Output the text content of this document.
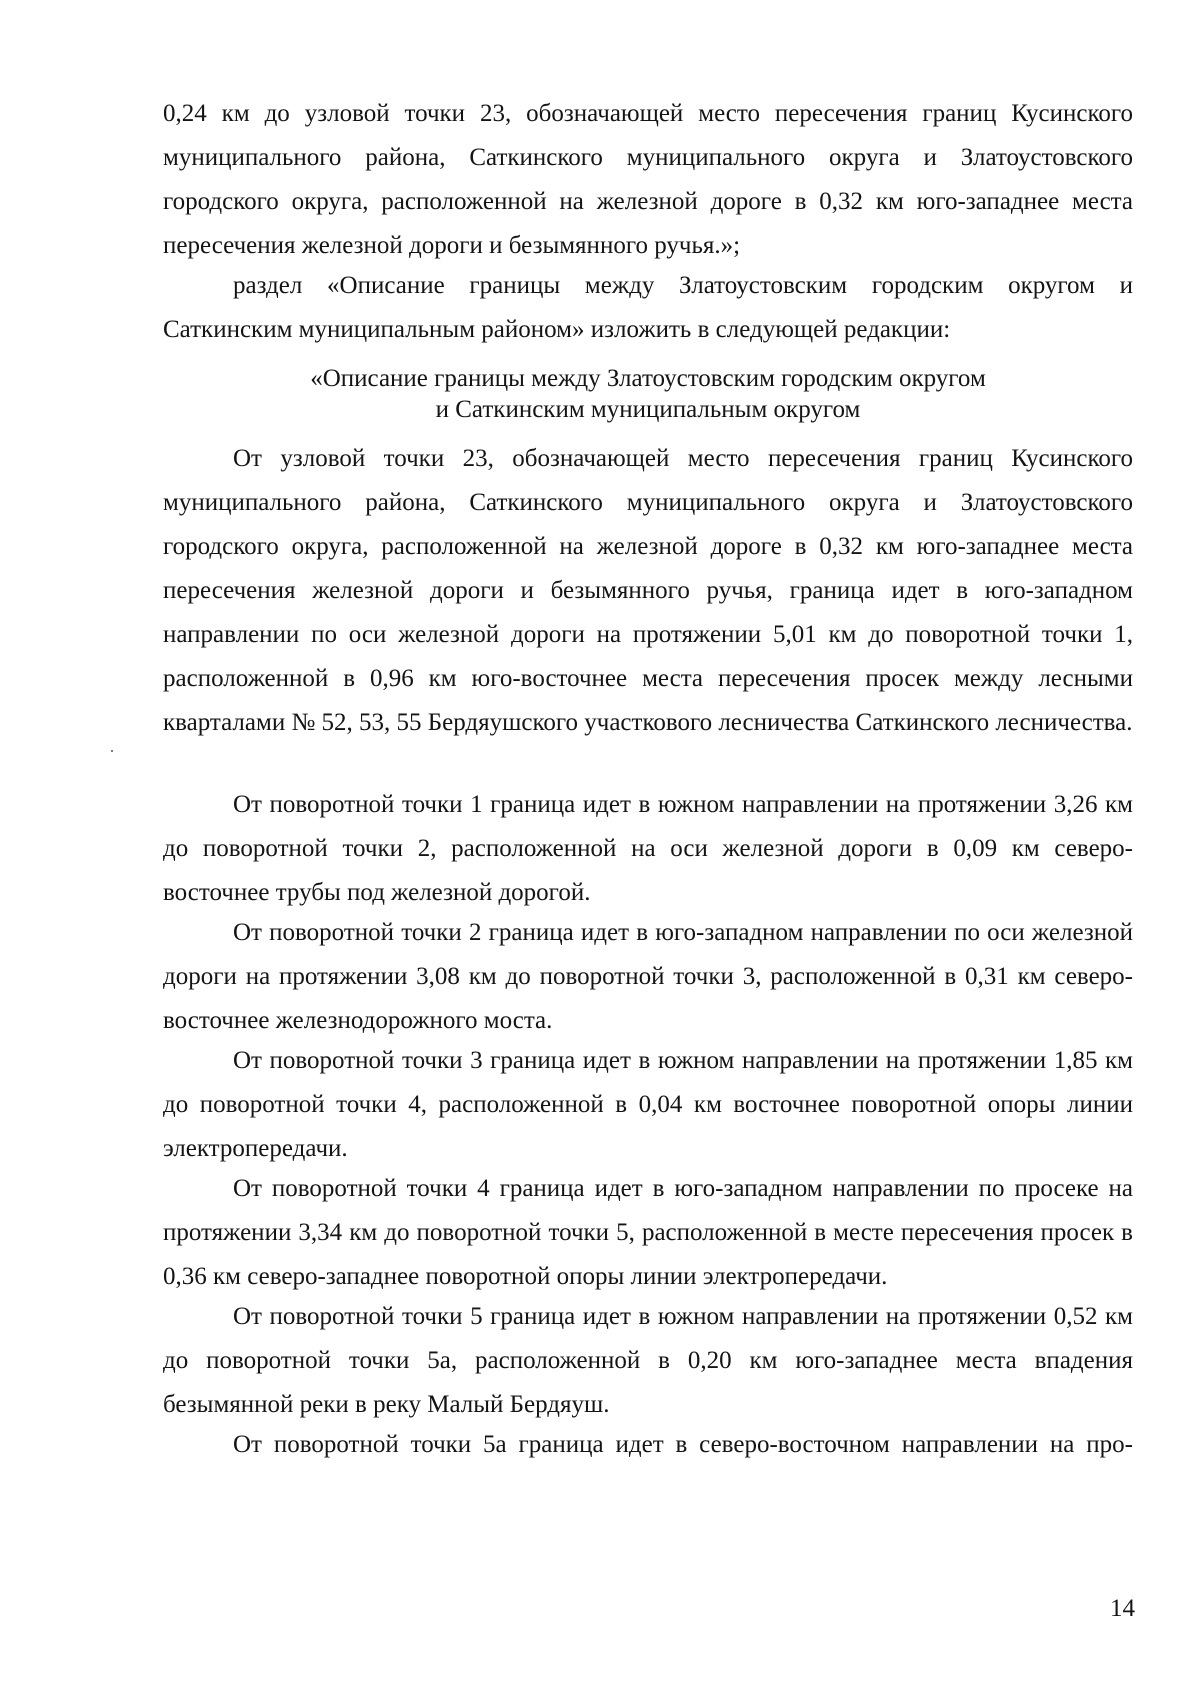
0,24 км до узловой точки 23, обозначающей место пересечения границ Кусинского муниципального района, Саткинского муниципального округа и Златоустовского городского округа, расположенной на железной дороге в 0,32 км юго-западнее места пересечения железной дороги и безымянного ручья.»;

раздел «Описание границы между Златоустовским городским округом и Саткинским муниципальным районом» изложить в следующей редакции:

«Описание границы между Златоустовским городским округом
и Саткинским муниципальным округом

От узловой точки 23, обозначающей место пересечения границ Кусинского муниципального района, Саткинского муниципального округа и Златоустовского городского округа, расположенной на железной дороге в 0,32 км юго-западнее места пересечения железной дороги и безымянного ручья, граница идет в юго-западном направлении по оси железной дороги на протяжении 5,01 км до поворотной точки 1, расположенной в 0,96 км юго-восточнее места пересечения просек между лесными кварталами № 52, 53, 55 Бердяушского участкового лесничества Саткинского лесничества.

От поворотной точки 1 граница идет в южном направлении на протяжении 3,26 км до поворотной точки 2, расположенной на оси железной дороги в 0,09 км северо-восточнее трубы под железной дорогой.

От поворотной точки 2 граница идет в юго-западном направлении по оси железной дороги на протяжении 3,08 км до поворотной точки 3, расположенной в 0,31 км северо-восточнее железнодорожного моста.

От поворотной точки 3 граница идет в южном направлении на протяжении 1,85 км до поворотной точки 4, расположенной в 0,04 км восточнее поворотной опоры линии электропередачи.

От поворотной точки 4 граница идет в юго-западном направлении по просеке на протяжении 3,34 км до поворотной точки 5, расположенной в месте пересечения просек в 0,36 км северо-западнее поворотной опоры линии электропередачи.

От поворотной точки 5 граница идет в южном направлении на протяжении 0,52 км до поворотной точки 5а, расположенной в 0,20 км юго-западнее места впадения безымянной реки в реку Малый Бердяуш.

От поворотной точки 5а граница идет в северо-восточном направлении на про-

14
